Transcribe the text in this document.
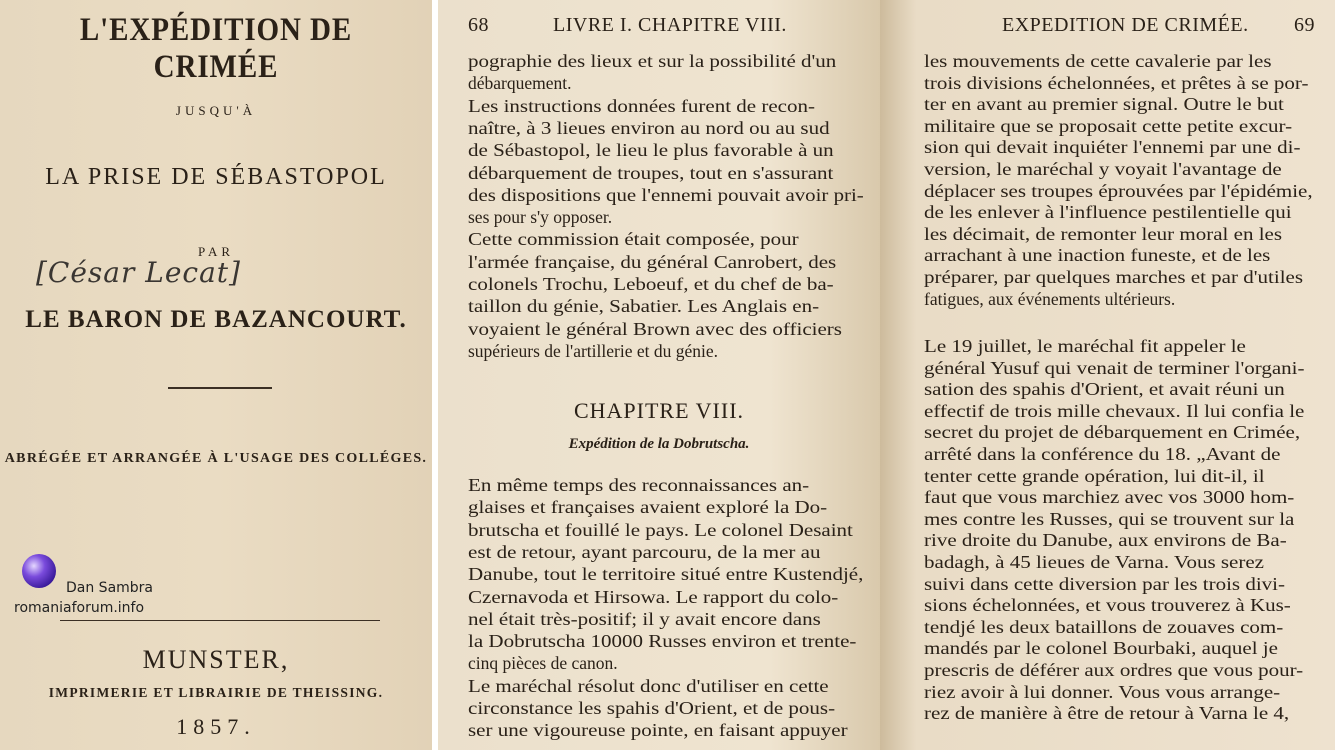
L'EXPÉDITION DE CRIMÉE
JUSQU'À
LA PRISE DE SÉBASTOPOL
PAR
[César Lecat]
LE BARON DE BAZANCOURT.
ABRÉGÉE ET ARRANGÉE À L'USAGE DES COLLÉGES.
MUNSTER,
IMPRIMERIE ET LIBRAIRIE DE THEISSING.
1857.
Dan Sambra
romaniaforum.info
68	LIVRE I. CHAPITRE VIII.
pographie des lieux et sur la possibilité d'un
débarquement.
Les instructions données furent de recon-
naître, à 3 lieues environ au nord ou au sud
de Sébastopol, le lieu le plus favorable à un
débarquement de troupes, tout en s'assurant
des dispositions que l'ennemi pouvait avoir pri-
ses pour s'y opposer.
Cette commission était composée, pour
l'armée française, du général Canrobert, des
colonels Trochu, Leboeuf, et du chef de ba-
taillon du génie, Sabatier. Les Anglais en-
voyaient le général Brown avec des officiers
supérieurs de l'artillerie et du génie.
CHAPITRE VIII.
Expédition de la Dobrutscha.
En même temps des reconnaissances an-
glaises et françaises avaient exploré la Do-
brutscha et fouillé le pays. Le colonel Desaint
est de retour, ayant parcouru, de la mer au
Danube, tout le territoire situé entre Kustendjé,
Czernavoda et Hirsowa. Le rapport du colo-
nel était très-positif; il y avait encore dans
la Dobrutscha 10000 Russes environ et trente-
cinq pièces de canon.
Le maréchal résolut donc d'utiliser en cette
circonstance les spahis d'Orient, et de pous-
ser une vigoureuse pointe, en faisant appuyer
EXPEDITION DE CRIMÉE. 69
les mouvements de cette cavalerie par les
trois divisions échelonnées, et prêtes à se por-
ter en avant au premier signal. Outre le but
militaire que se proposait cette petite excur-
sion qui devait inquiéter l'ennemi par une di-
version, le maréchal y voyait l'avantage de
déplacer ses troupes éprouvées par l'épidémie,
de les enlever à l'influence pestilentielle qui
les décimait, de remonter leur moral en les
arrachant à une inaction funeste, et de les
préparer, par quelques marches et par d'utiles
fatigues, aux événements ultérieurs.
Le 19 juillet, le maréchal fit appeler le
général Yusuf qui venait de terminer l'organi-
sation des spahis d'Orient, et avait réuni un
effectif de trois mille chevaux. Il lui confia le
secret du projet de débarquement en Crimée,
arrêté dans la conférence du 18. „Avant de
tenter cette grande opération, lui dit-il, il
faut que vous marchiez avec vos 3000 hom-
mes contre les Russes, qui se trouvent sur la
rive droite du Danube, aux environs de Ba-
badagh, à 45 lieues de Varna. Vous serez
suivi dans cette diversion par les trois divi-
sions échelonnées, et vous trouverez à Kus-
tendjé les deux bataillons de zouaves com-
mandés par le colonel Bourbaki, auquel je
prescris de déférer aux ordres que vous pour-
riez avoir à lui donner. Vous vous arrange-
rez de manière à être de retour à Varna le 4,
